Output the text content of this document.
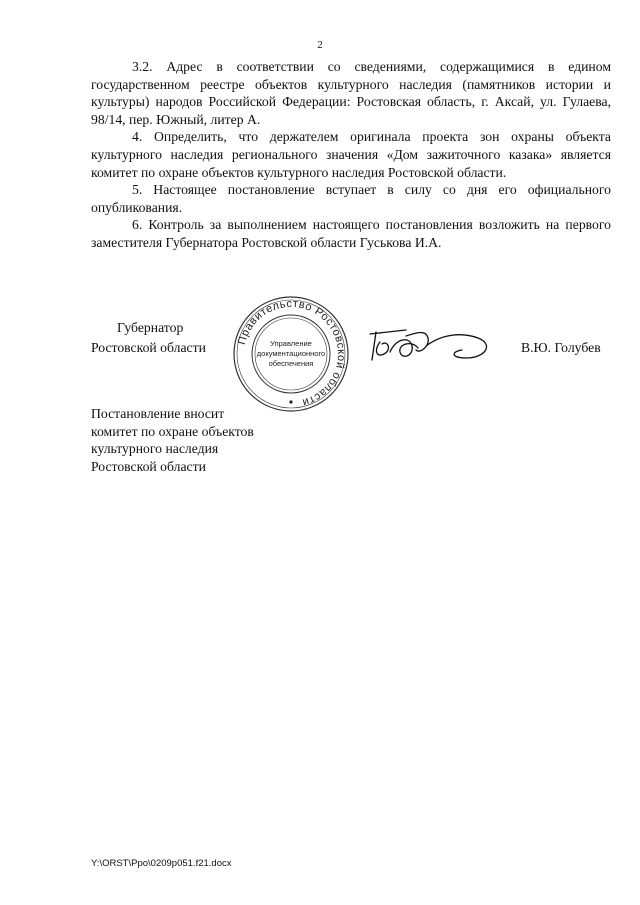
2

3.2. Адрес в соответствии со сведениями, содержащимися в едином государственном реестре объектов культурного наследия (памятников истории и культуры) народов Российской Федерации: Ростовская область, г. Аксай, ул. Гулаева, 98/14, пер. Южный, литер А.

4. Определить, что держателем оригинала проекта зон охраны объекта культурного наследия регионального значения «Дом зажиточного казака» является комитет по охране объектов культурного наследия Ростовской области.

5. Настоящее постановление вступает в силу со дня его официального опубликования.

6. Контроль за выполнением настоящего постановления возложить на первого заместителя Губернатора Ростовской области Гуськова И.А.

Губернатор
Ростовской области	В.Ю. Голубев
Правительство Ростовской области
Управление
документационного
обеспечения
Постановление вносит
комитет по охране объектов
культурного наследия
Ростовской области
Y:\ORST\Ppo\0209p051.f21.docx
